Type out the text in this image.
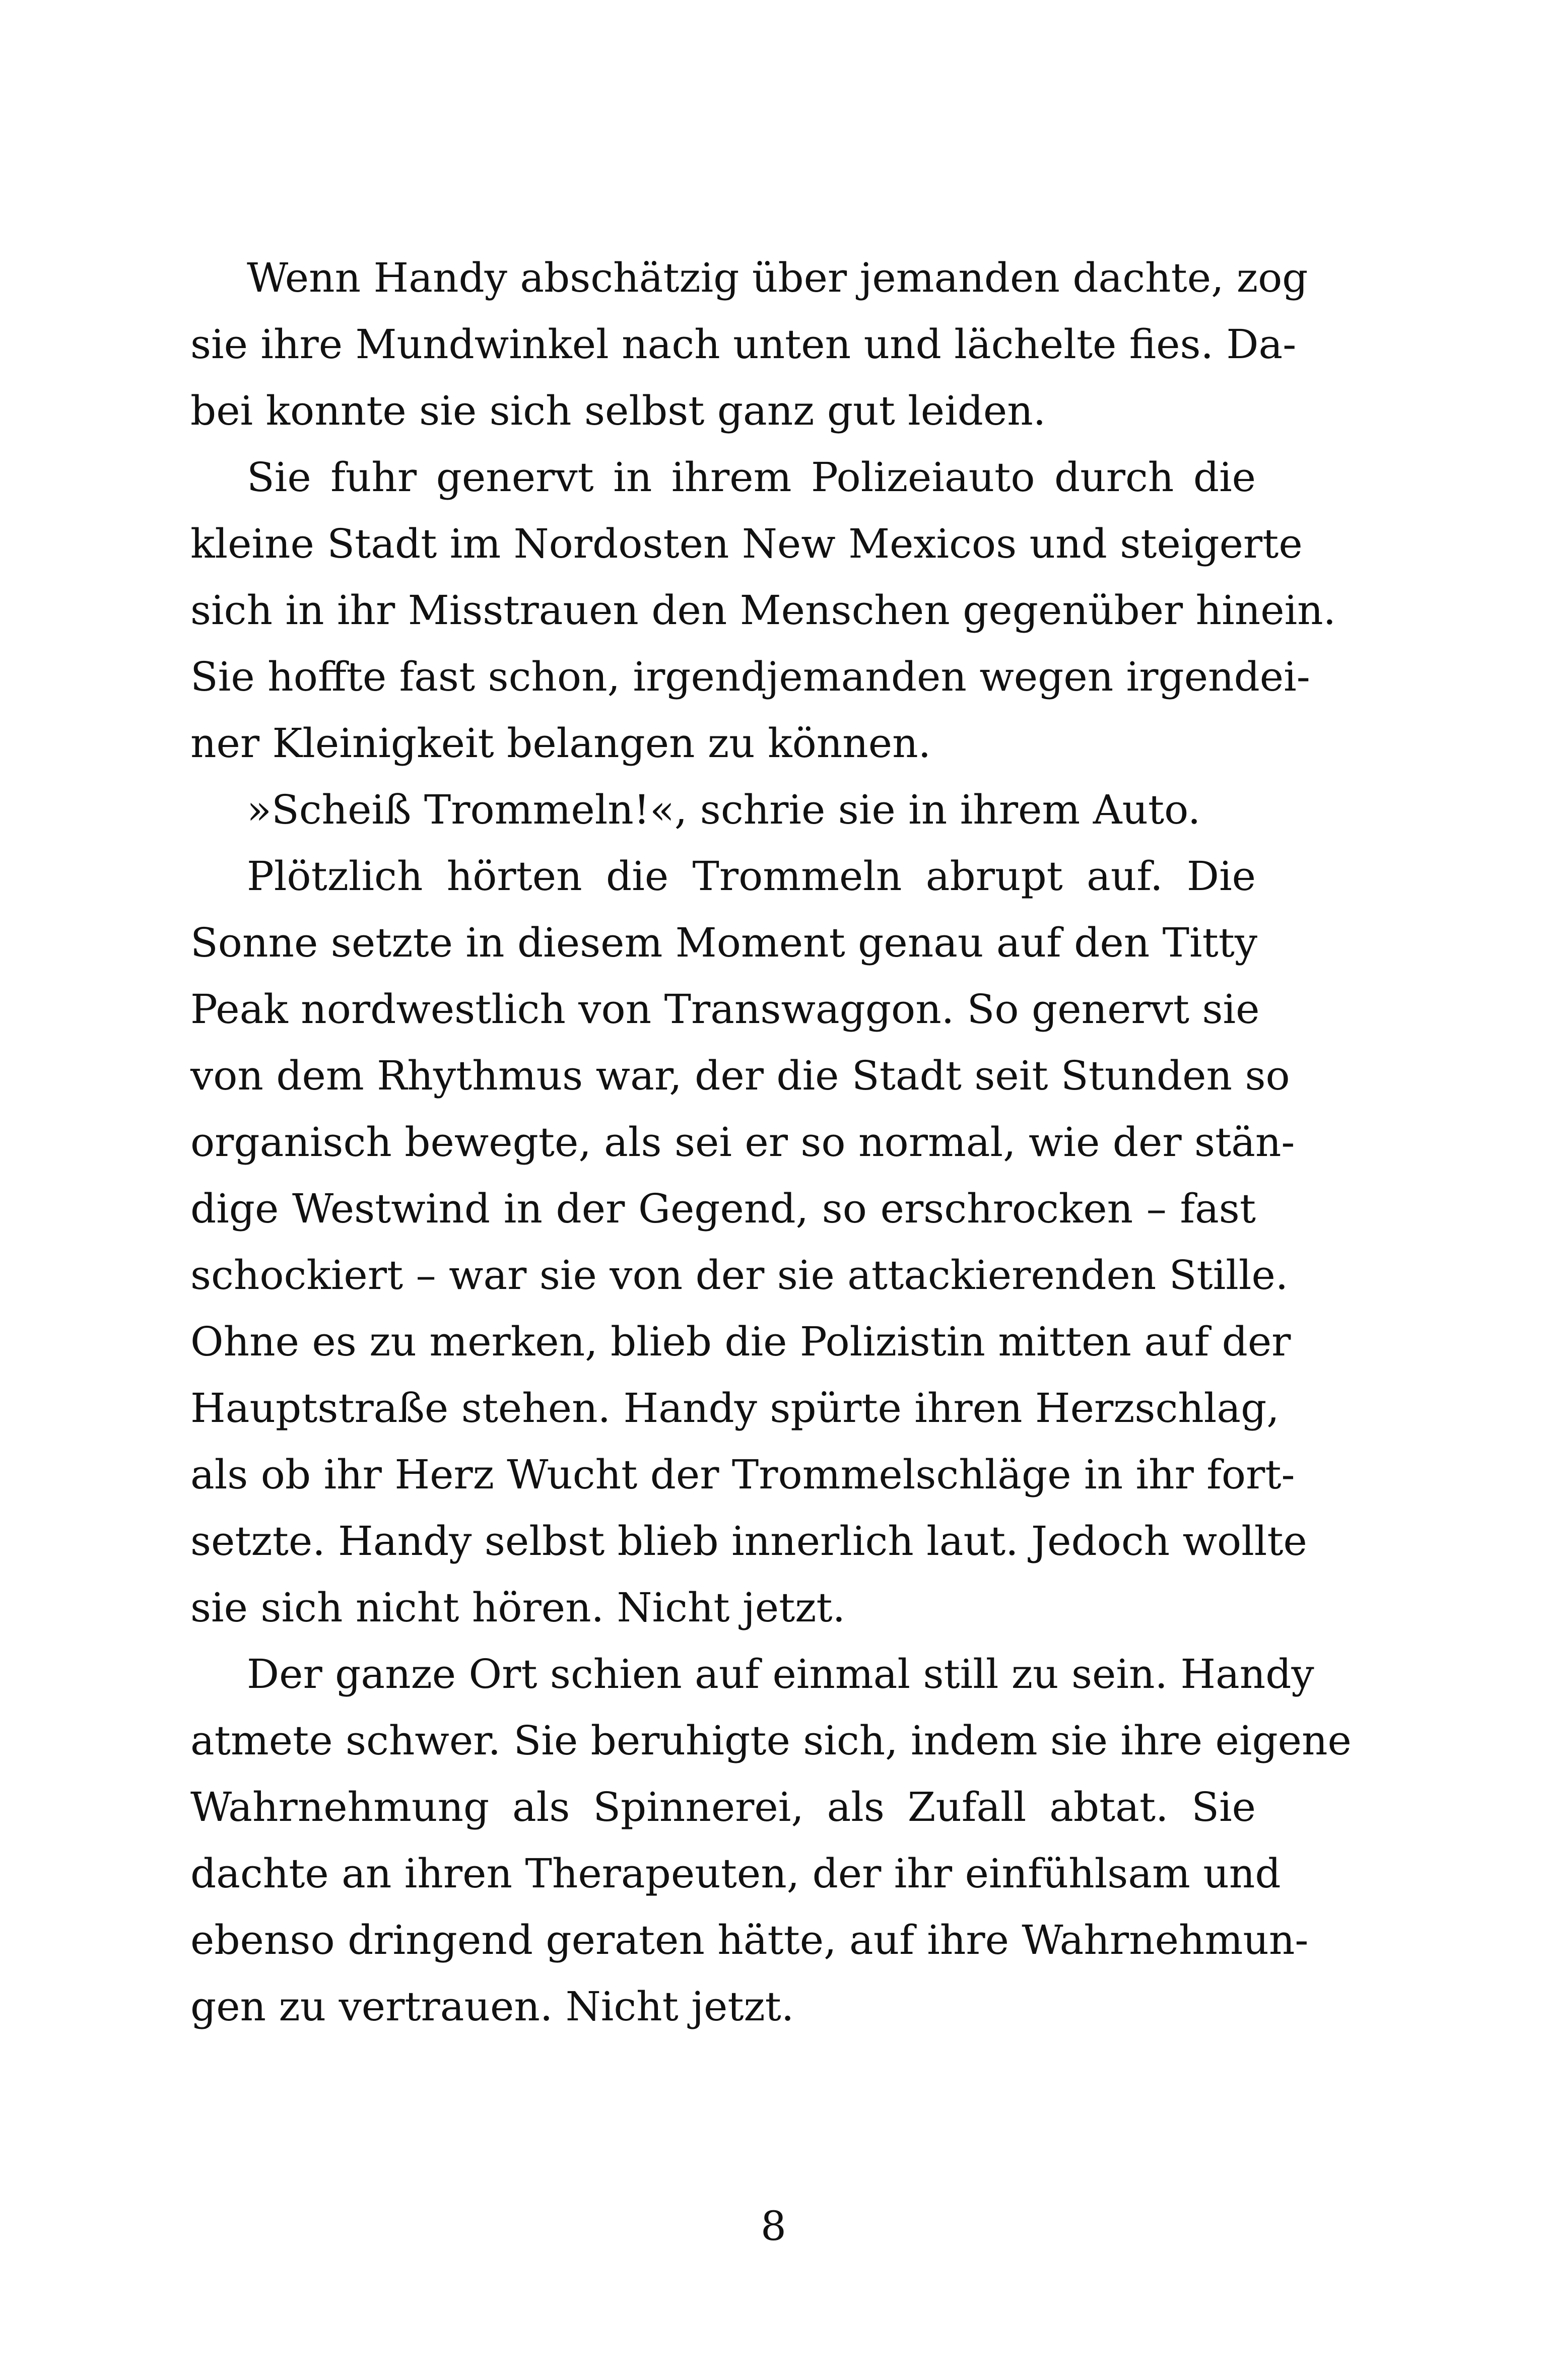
Wenn Handy abschätzig über jemanden dachte, zog
sie ihre Mundwinkel nach unten und lächelte fies. Da-
bei konnte sie sich selbst ganz gut leiden.
Sie fuhr genervt in ihrem Polizeiauto durch die
kleine Stadt im Nordosten New Mexicos und steigerte
sich in ihr Misstrauen den Menschen gegenüber hinein.
Sie hoffte fast schon, irgendjemanden wegen irgendei-
ner Kleinigkeit belangen zu können.
»Scheiß Trommeln!«, schrie sie in ihrem Auto.
Plötzlich hörten die Trommeln abrupt auf. Die
Sonne setzte in diesem Moment genau auf den Titty
Peak nordwestlich von Transwaggon. So genervt sie
von dem Rhythmus war, der die Stadt seit Stunden so
organisch bewegte, als sei er so normal, wie der stän-
dige Westwind in der Gegend, so erschrocken – fast
schockiert – war sie von der sie attackierenden Stille.
Ohne es zu merken, blieb die Polizistin mitten auf der
Hauptstraße stehen. Handy spürte ihren Herzschlag,
als ob ihr Herz Wucht der Trommelschläge in ihr fort-
setzte. Handy selbst blieb innerlich laut. Jedoch wollte
sie sich nicht hören. Nicht jetzt.
Der ganze Ort schien auf einmal still zu sein. Handy
atmete schwer. Sie beruhigte sich, indem sie ihre eigene
Wahrnehmung als Spinnerei, als Zufall abtat. Sie
dachte an ihren Therapeuten, der ihr einfühlsam und
ebenso dringend geraten hätte, auf ihre Wahrnehmun-
gen zu vertrauen. Nicht jetzt.
8
